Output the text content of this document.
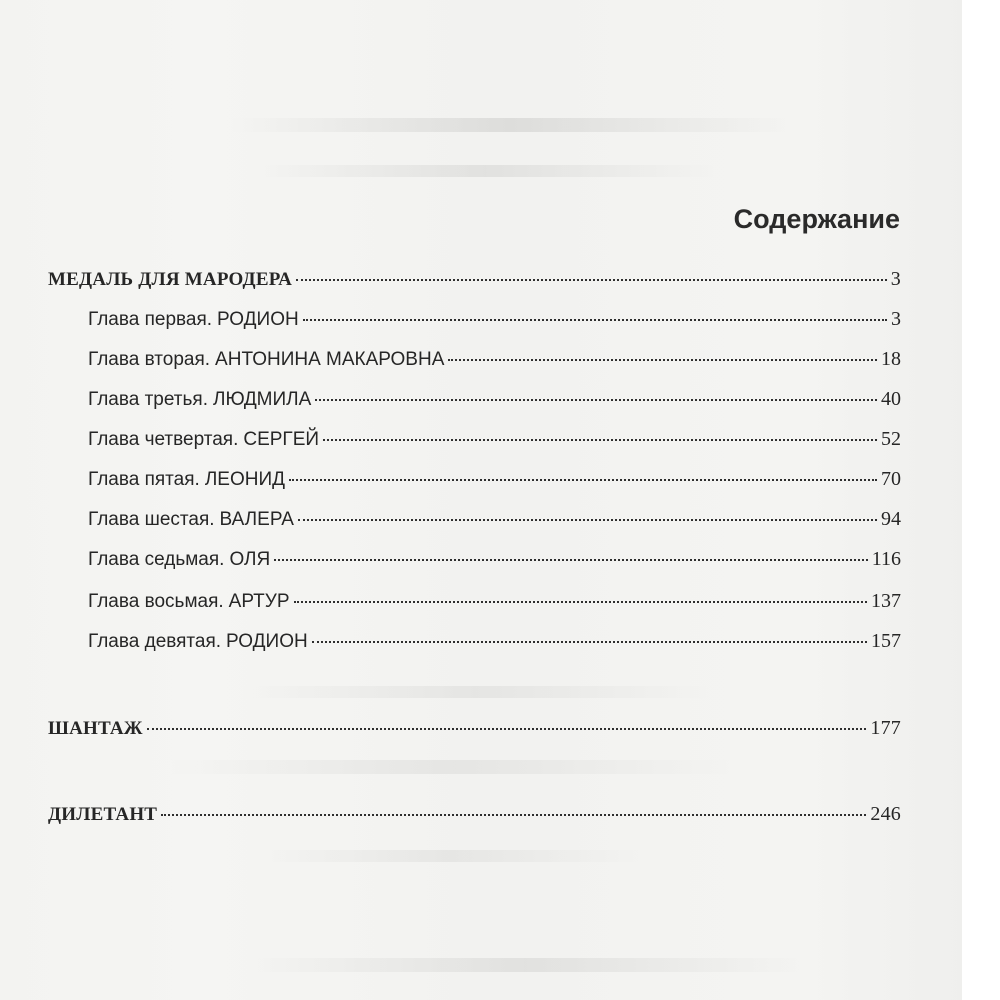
Содержание
МЕДАЛЬ ДЛЯ МАРОДЕРА	3
Глава первая. РОДИОН	3
Глава вторая. АНТОНИНА МАКАРОВНА	18
Глава третья. ЛЮДМИЛА	40
Глава четвертая. СЕРГЕЙ	52
Глава пятая. ЛЕОНИД	70
Глава шестая. ВАЛЕРА	94
Глава седьмая. ОЛЯ	116
Глава восьмая. АРТУР	137
Глава девятая. РОДИОН	157
ШАНТАЖ	177
ДИЛЕТАНТ	246
